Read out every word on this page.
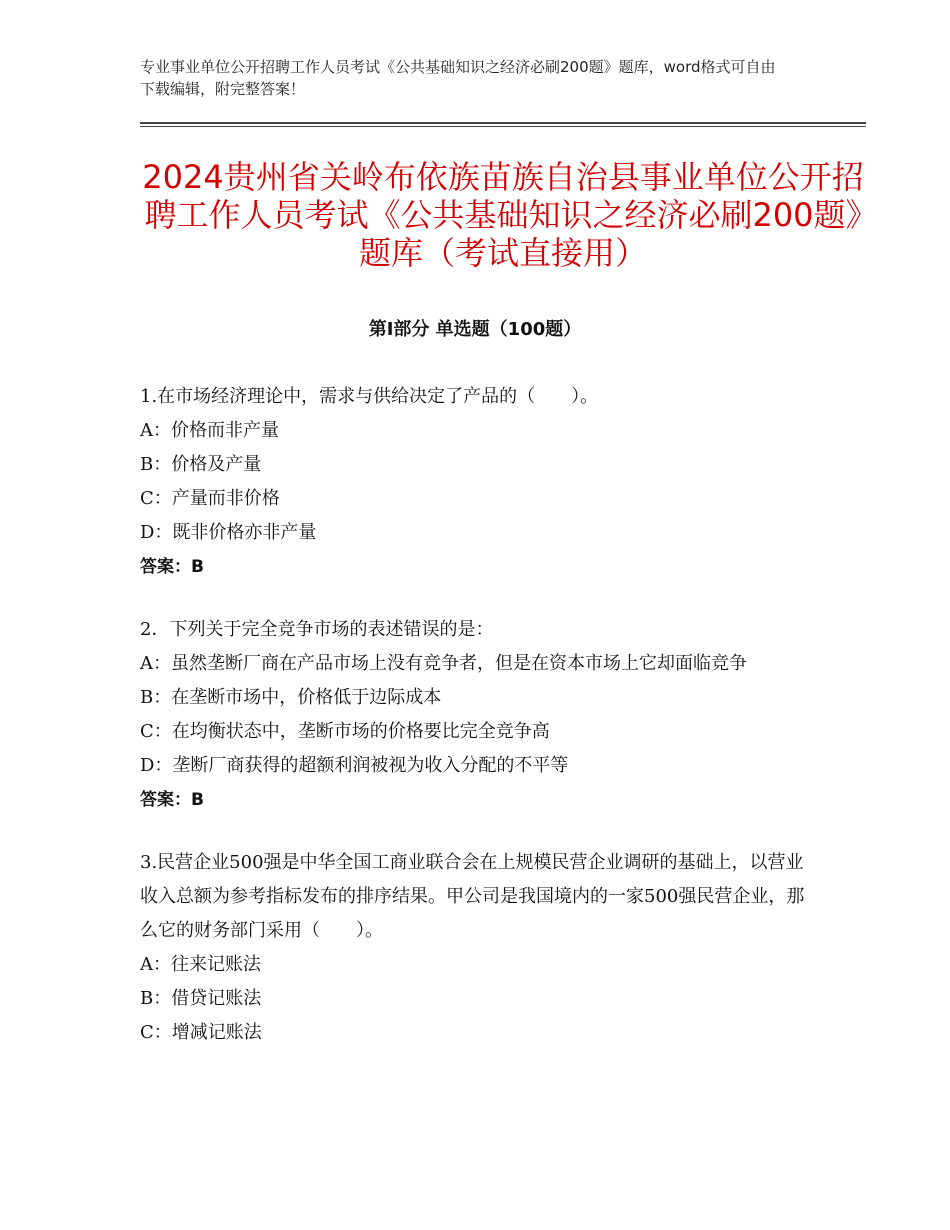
专业事业单位公开招聘工作人员考试《公共基础知识之经济必刷200题》题库，word格式可自由下载编辑，附完整答案！
2024贵州省关岭布依族苗族自治县事业单位公开招聘工作人员考试《公共基础知识之经济必刷200题》题库（考试直接用）
第Ⅰ部分 单选题（100题）

1.在市场经济理论中，需求与供给决定了产品的（　　）。

A：价格而非产量

B：价格及产量

C：产量而非价格

D：既非价格亦非产量

答案：B

2．下列关于完全竞争市场的表述错误的是：

A：虽然垄断厂商在产品市场上没有竞争者，但是在资本市场上它却面临竞争

B：在垄断市场中，价格低于边际成本

C：在均衡状态中，垄断市场的价格要比完全竞争高

D：垄断厂商获得的超额利润被视为收入分配的不平等

答案：B

3.民营企业500强是中华全国工商业联合会在上规模民营企业调研的基础上，以营业收入总额为参考指标发布的排序结果。甲公司是我国境内的一家500强民营企业，那么它的财务部门采用（　　）。

A：往来记账法

B：借贷记账法

C：增减记账法
